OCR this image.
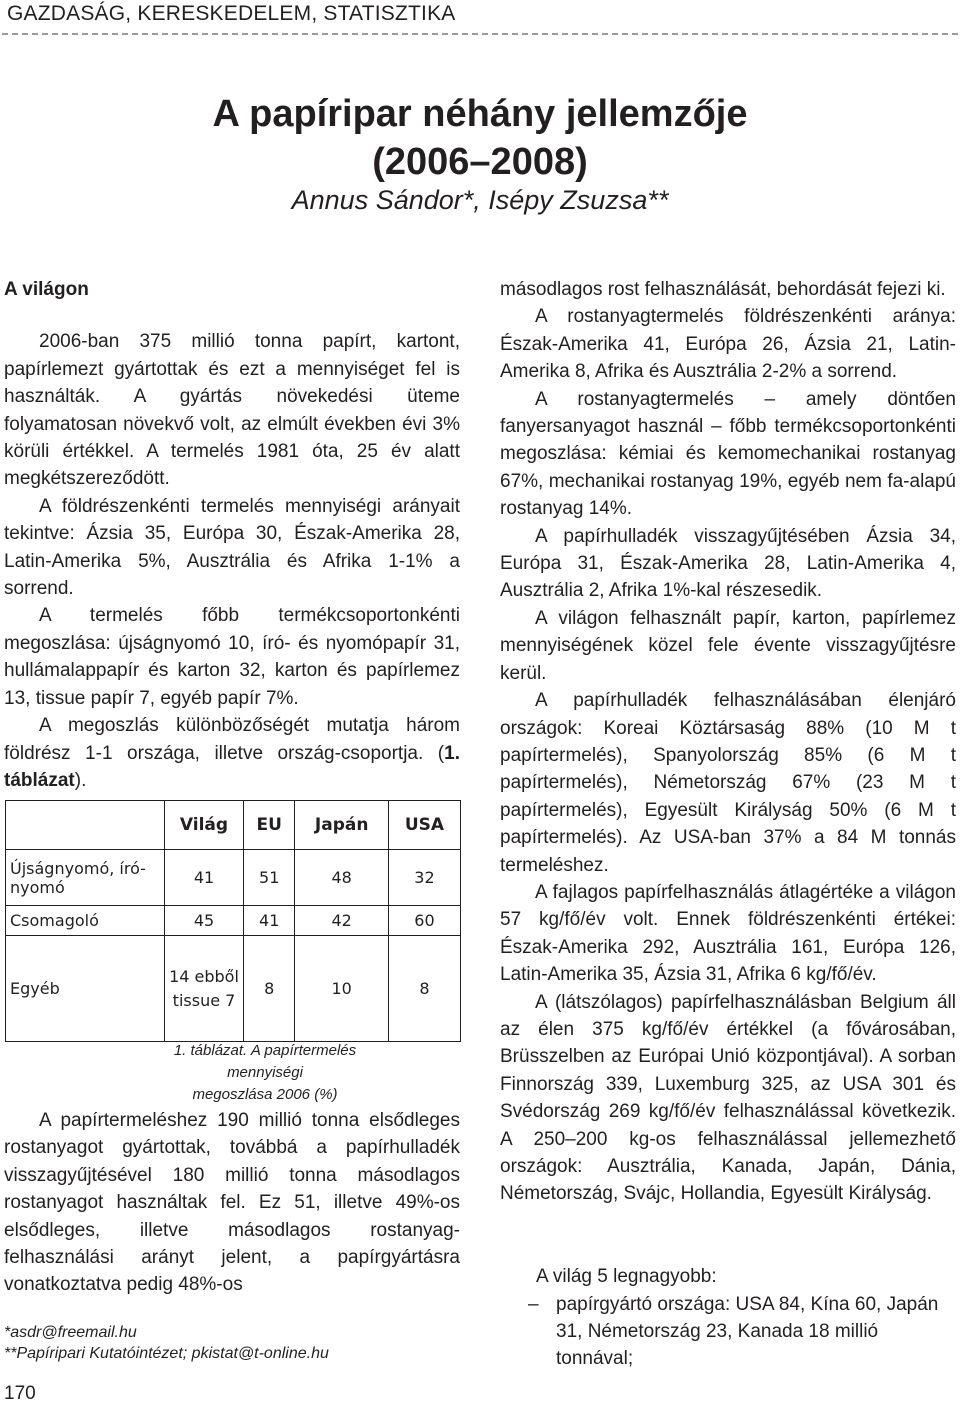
GAZDASÁG, KERESKEDELEM, STATISZTIKA
A papíripar néhány jellemzője
(2006–2008)
Annus Sándor*, Isépy Zsuzsa**
A világon

2006-ban 375 millió tonna papírt, kartont, papírlemezt gyártottak és ezt a mennyiséget fel is használták. A gyártás növekedési üteme folyamatosan növekvő volt, az elmúlt években évi 3% körüli értékkel. A termelés 1981 óta, 25 év alatt megkétszereződött.

A földrészenkénti termelés mennyiségi arányait tekintve: Ázsia 35, Európa 30, Észak-Amerika 28, Latin-Amerika 5%, Ausztrália és Afrika 1-1% a sorrend.

A termelés főbb termékcsoportonkénti megoszlása: újságnyomó 10, író- és nyomópapír 31, hullámalappapír és karton 32, karton és papírlemez 13, tissue papír 7, egyéb papír 7%.

A megoszlás különbözőségét mutatja három földrész 1-1 országa, illetve ország-csoportja. (1. táblázat).

	Világ	EU	Japán	USA
Újságnyomó, író-nyomó	41	51	48	32
Csomagoló	45	41	42	60
Egyéb	14 ebből tissue 7	8	10	8
1. táblázat. A papírtermelés mennyiségi
megoszlása 2006 (%)

A papírtermeléshez 190 millió tonna elsődleges rostanyagot gyártottak, továbbá a papírhulladék visszagyűjtésével 180 millió tonna másodlagos rostanyagot használtak fel. Ez 51, illetve 49%-os elsődleges, illetve másodlagos rostanyag-felhasználási arányt jelent, a papírgyártásra vonatkoztatva pedig 48%-os

másodlagos rost felhasználását, behordását fejezi ki.

A rostanyagtermelés földrészenkénti aránya: Észak-Amerika 41, Európa 26, Ázsia 21, Latin-Amerika 8, Afrika és Ausztrália 2-2% a sorrend.

A rostanyagtermelés – amely döntően fanyersanyagot használ – főbb termékcsoportonkénti megoszlása: kémiai és kemomechanikai rostanyag 67%, mechanikai rostanyag 19%, egyéb nem fa-alapú rostanyag 14%.

A papírhulladék visszagyűjtésében Ázsia 34, Európa 31, Észak-Amerika 28, Latin-Amerika 4, Ausztrália 2, Afrika 1%-kal részesedik.

A világon felhasznált papír, karton, papírlemez mennyiségének közel fele évente visszagyűjtésre kerül.

A papírhulladék felhasználásában élenjáró országok: Koreai Köztársaság 88% (10 M t papírtermelés), Spanyolország 85% (6 M t papírtermelés), Németország 67% (23 M t papírtermelés), Egyesült Királyság 50% (6 M t papírtermelés). Az USA-ban 37% a 84 M tonnás termeléshez.

A fajlagos papírfelhasználás átlagértéke a világon 57 kg/fő/év volt. Ennek földrészenkénti értékei: Észak-Amerika 292, Ausztrália 161, Európa 126, Latin-Amerika 35, Ázsia 31, Afrika 6 kg/fő/év.

A (látszólagos) papírfelhasználásban Belgium áll az élen 375 kg/fő/év értékkel (a fővárosában, Brüsszelben az Európai Unió központjával). A sorban Finnország 339, Luxemburg 325, az USA 301 és Svédország 269 kg/fő/év felhasználással következik. A 250–200 kg-os felhasználással jellemezhető országok: Ausztrália, Kanada, Japán, Dánia, Németország, Svájc, Hollandia, Egyesült Királyság.

A világ 5 legnagyobb:
– papírgyártó országa: USA 84, Kína 60, Japán 31, Németország 23, Kanada 18 millió tonnával;
*asdr@freemail.hu
**Papíripari Kutatóintézet; pkistat@t-online.hu
170
